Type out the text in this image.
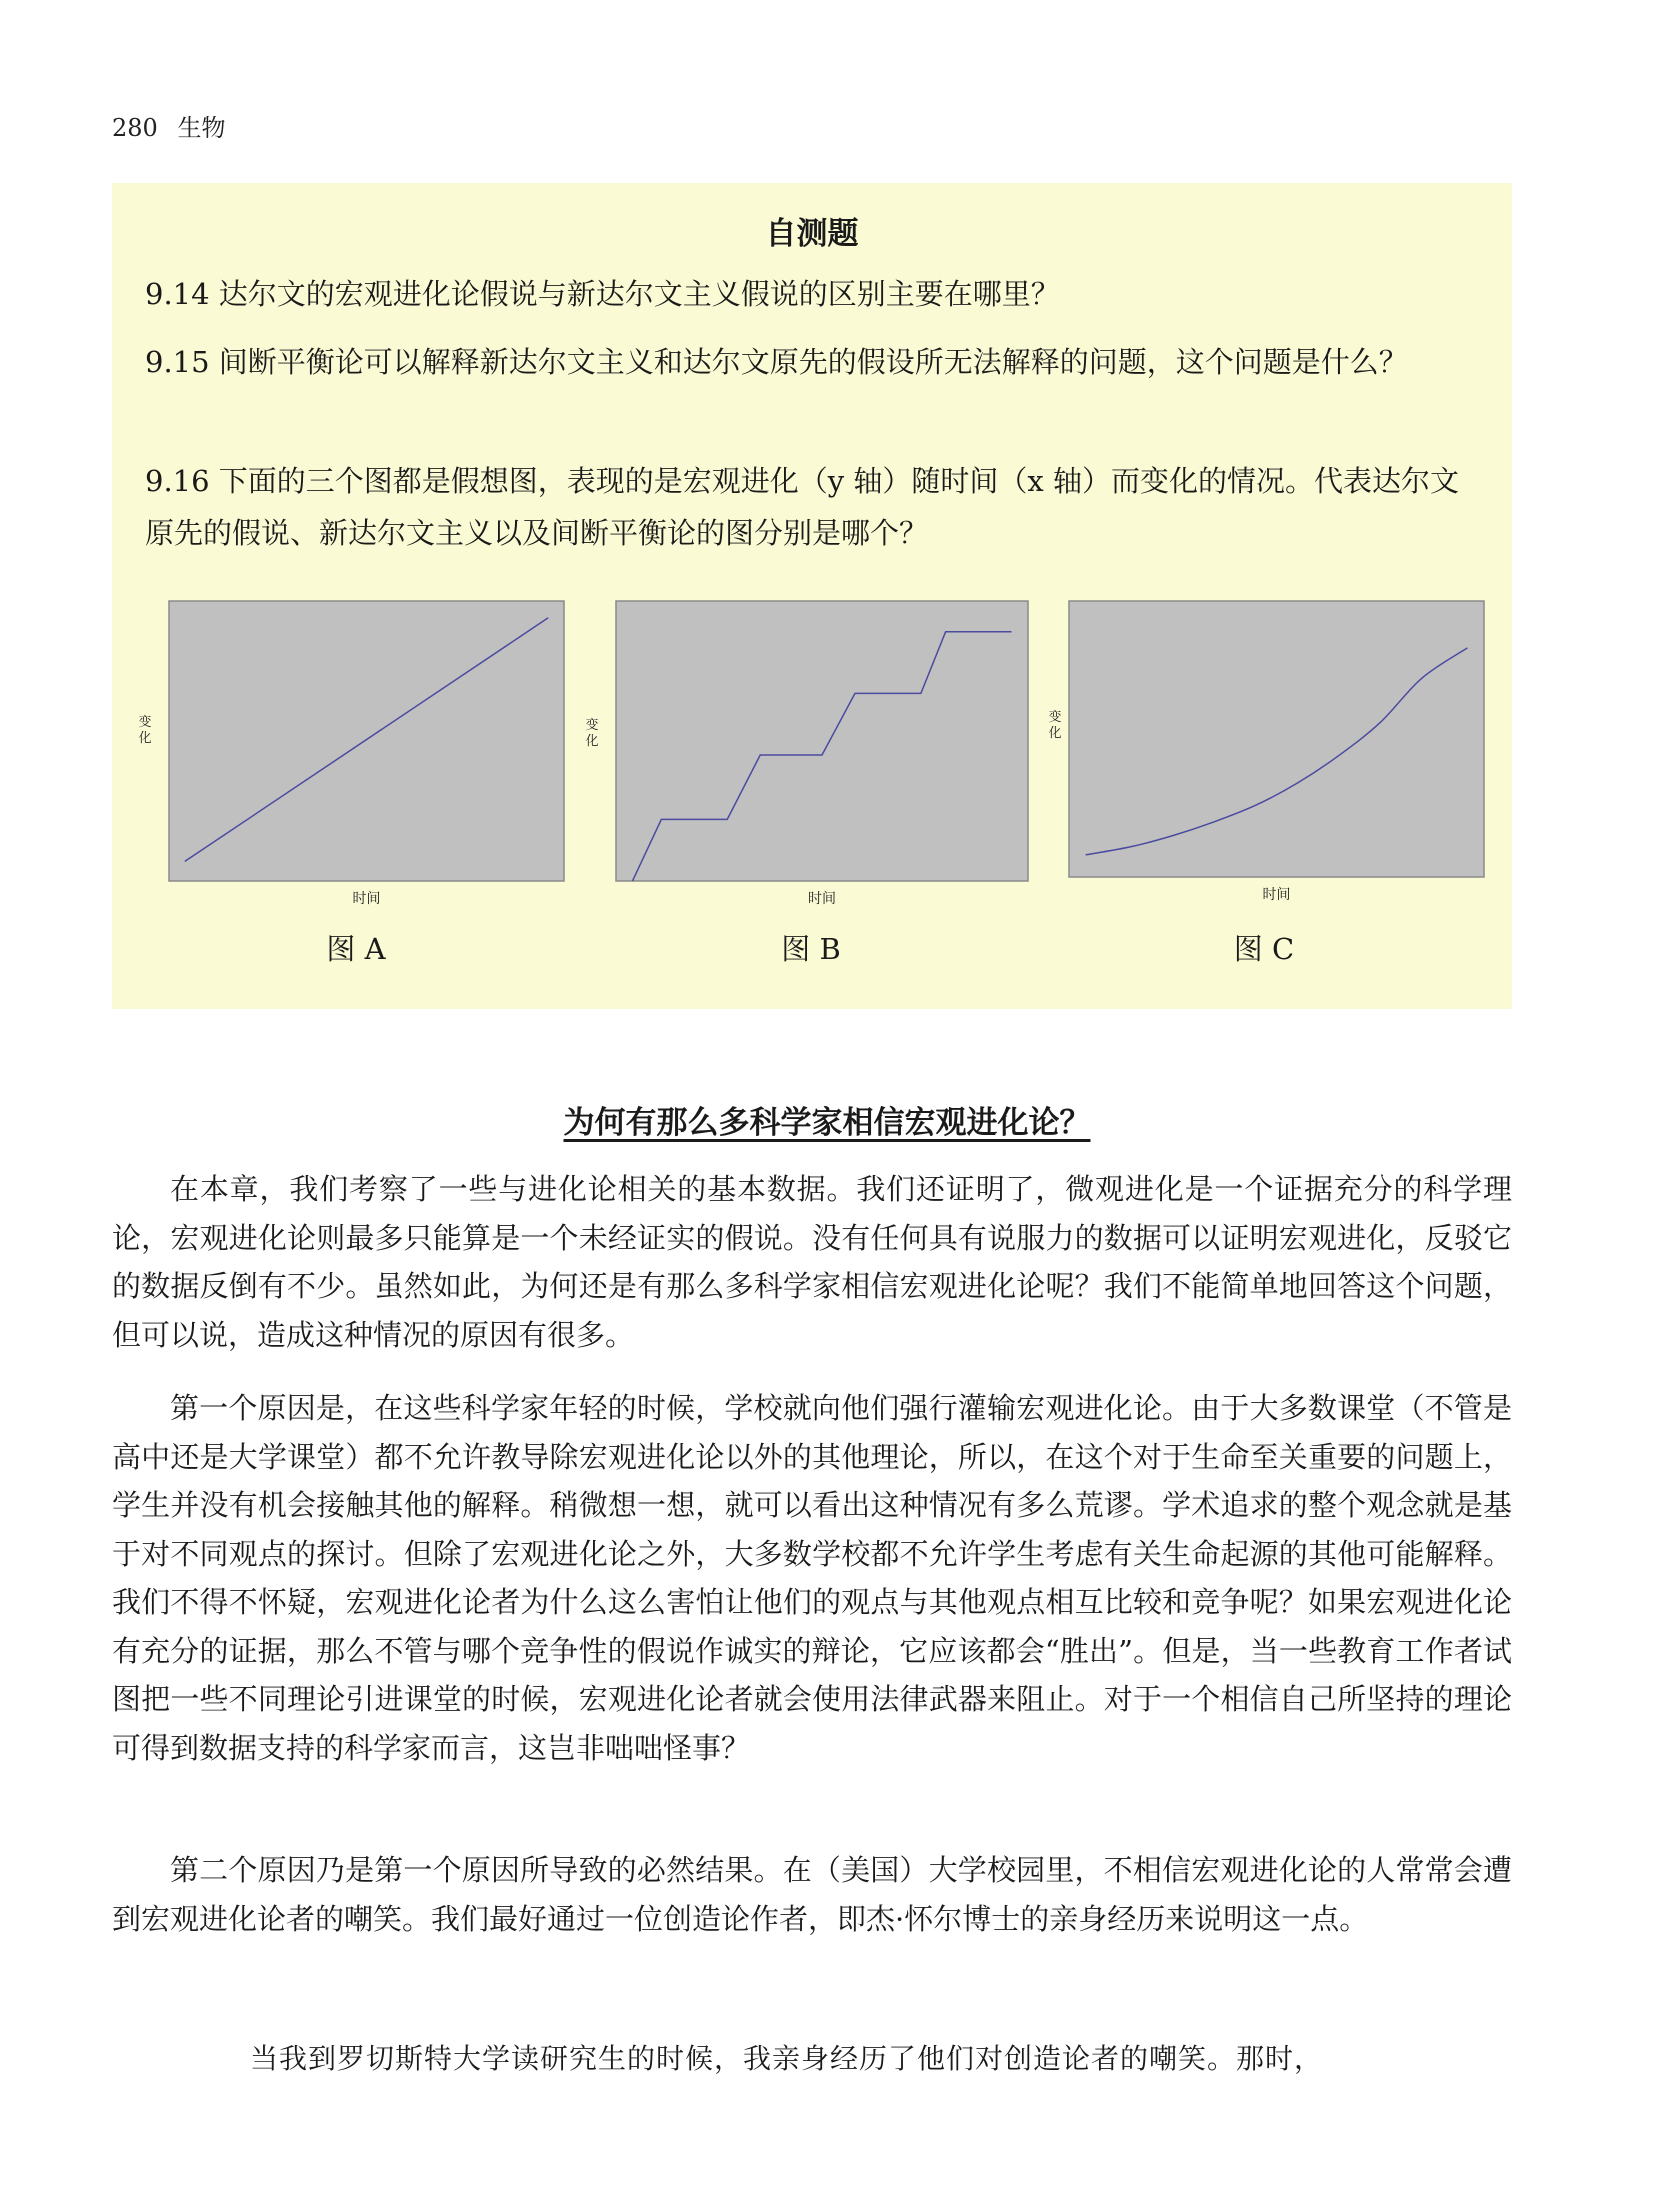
280 生物
自测题

9.14 达尔文的宏观进化论假说与新达尔文主义假说的区别主要在哪里？

9.15 间断平衡论可以解释新达尔文主义和达尔文原先的假设所无法解释的问题，这个问题是什么？

9.16 下面的三个图都是假想图，表现的是宏观进化（y 轴）随时间（x 轴）而变化的情况。代表达尔文原先的假说、新达尔文主义以及间断平衡论的图分别是哪个？

时间
变化
图 A
时间
变化
图 B
时间
变化
图 C
为何有那么多科学家相信宏观进化论？

在本章，我们考察了一些与进化论相关的基本数据。我们还证明了，微观进化是一个证据充分的科学理论，宏观进化论则最多只能算是一个未经证实的假说。没有任何具有说服力的数据可以证明宏观进化，反驳它的数据反倒有不少。虽然如此，为何还是有那么多科学家相信宏观进化论呢？我们不能简单地回答这个问题，但可以说，造成这种情况的原因有很多。

第一个原因是，在这些科学家年轻的时候，学校就向他们强行灌输宏观进化论。由于大多数课堂（不管是高中还是大学课堂）都不允许教导除宏观进化论以外的其他理论，所以，在这个对于生命至关重要的问题上，学生并没有机会接触其他的解释。稍微想一想，就可以看出这种情况有多么荒谬。学术追求的整个观念就是基于对不同观点的探讨。但除了宏观进化论之外，大多数学校都不允许学生考虑有关生命起源的其他可能解释。我们不得不怀疑，宏观进化论者为什么这么害怕让他们的观点与其他观点相互比较和竞争呢？如果宏观进化论有充分的证据，那么不管与哪个竞争性的假说作诚实的辩论，它应该都会“胜出”。但是，当一些教育工作者试图把一些不同理论引进课堂的时候，宏观进化论者就会使用法律武器来阻止。对于一个相信自己所坚持的理论可得到数据支持的科学家而言，这岂非咄咄怪事？

第二个原因乃是第一个原因所导致的必然结果。在（美国）大学校园里，不相信宏观进化论的人常常会遭到宏观进化论者的嘲笑。我们最好通过一位创造论作者，即杰·怀尔博士的亲身经历来说明这一点。

当我到罗切斯特大学读研究生的时候，我亲身经历了他们对创造论者的嘲笑。那时，
